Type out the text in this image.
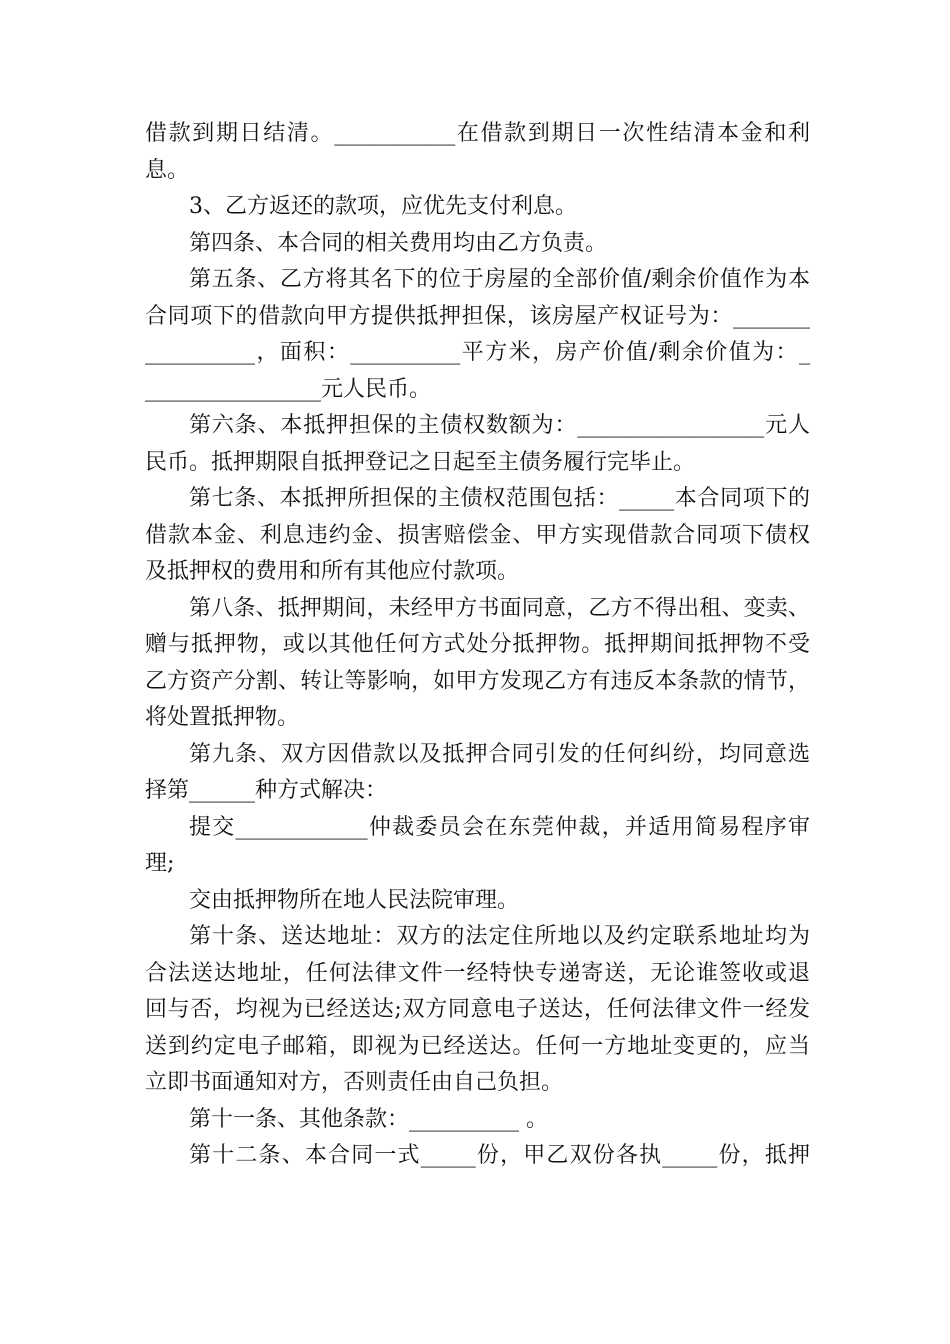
借款到期日结清。___________在借款到期日一次性结清本金和利
息。
3、乙方返还的款项，应优先支付利息。
第四条、本合同的相关费用均由乙方负责。
第五条、乙方将其名下的位于房屋的全部价值/剩余价值作为本
合同项下的借款向甲方提供抵押担保，该房屋产权证号为：_______
__________，面积：__________平方米，房产价值/剩余价值为：_
________________元人民币。
第六条、本抵押担保的主债权数额为：_________________元人
民币。抵押期限自抵押登记之日起至主债务履行完毕止。
第七条、本抵押所担保的主债权范围包括：_____本合同项下的
借款本金、利息违约金、损害赔偿金、甲方实现借款合同项下债权
及抵押权的费用和所有其他应付款项。
第八条、抵押期间，未经甲方书面同意，乙方不得出租、变卖、
赠与抵押物，或以其他任何方式处分抵押物。抵押期间抵押物不受
乙方资产分割、转让等影响，如甲方发现乙方有违反本条款的情节，
将处置抵押物。
第九条、双方因借款以及抵押合同引发的任何纠纷，均同意选
择第______种方式解决：
提交____________仲裁委员会在东莞仲裁，并适用简易程序审
理;
交由抵押物所在地人民法院审理。
第十条、送达地址：双方的法定住所地以及约定联系地址均为
合法送达地址，任何法律文件一经特快专递寄送，无论谁签收或退
回与否，均视为已经送达;双方同意电子送达，任何法律文件一经发
送到约定电子邮箱，即视为已经送达。任何一方地址变更的，应当
立即书面通知对方，否则责任由自己负担。
第十一条、其他条款：__________ 。
第十二条、本合同一式_____份，甲乙双份各执_____份，抵押
